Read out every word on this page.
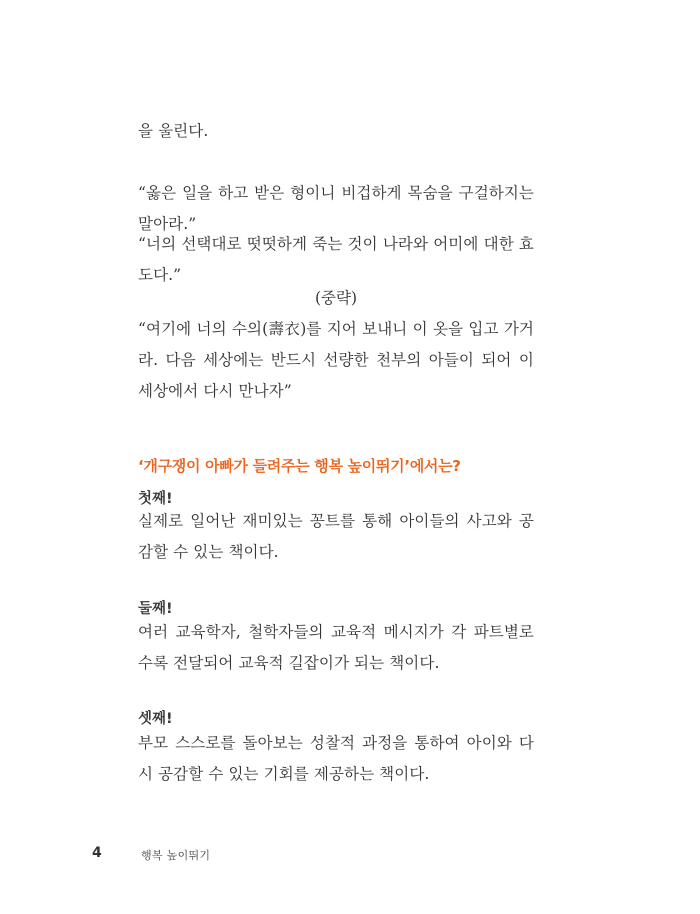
을 울린다.

“옳은 일을 하고 받은 형이니 비겁하게 목숨을 구걸하지는 말아라.”

“너의 선택대로 떳떳하게 죽는 것이 나라와 어미에 대한 효도다.”

(중략)

“여기에 너의 수의(壽衣)를 지어 보내니 이 옷을 입고 가거라. 다음 세상에는 반드시 선량한 천부의 아들이 되어 이 세상에서 다시 만나자”

‘개구쟁이 아빠가 들려주는 행복 높이뛰기’에서는?
첫째!

실제로 일어난 재미있는 꽁트를 통해 아이들의 사고와 공감할 수 있는 책이다.

둘째!

여러 교육학자, 철학자들의 교육적 메시지가 각 파트별로 수록 전달되어 교육적 길잡이가 되는 책이다.

셋째!

부모 스스로를 돌아보는 성찰적 과정을 통하여 아이와 다시 공감할 수 있는 기회를 제공하는 책이다.

4	행복 높이뛰기
